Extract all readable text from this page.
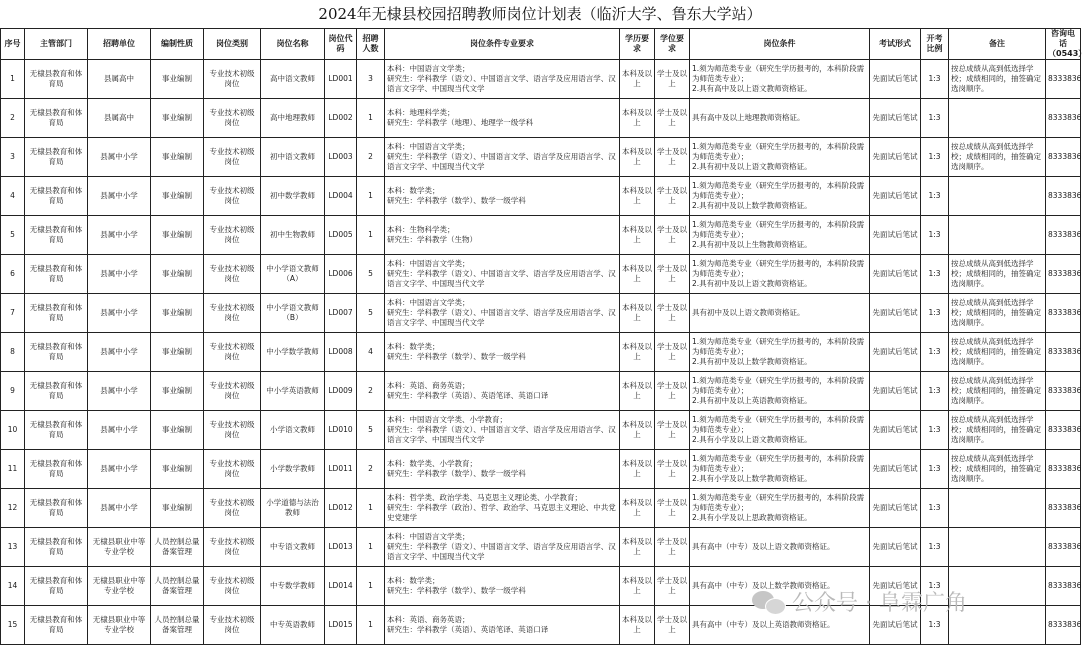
2024年无棣县校园招聘教师岗位计划表（临沂大学、鲁东大学站）
序号	主管部门	招聘单位	编制性质	岗位类别	岗位名称	岗位代码	招聘人数	岗位条件专业要求	学历要求	学位要求	岗位条件	考试形式	开考比例	备注	咨询电话（0543）
1	无棣县教育和体育局	县属高中	事业编制	专业技术初级岗位	高中语文教师	LD001	3	本科：中国语言文学类；
研究生：学科教学（语文）、中国语言文学、语言学及应用语言学、汉语言文字学、中国现当代文学	本科及以上	学士及以上	1.须为师范类专业（研究生学历报考的，本科阶段需为师范类专业）；
2.具有高中及以上语文教师资格证。	先面试后笔试	1:3	按总成绩从高到低选择学校；成绩相同的，抽签确定选岗顺序。	8333836
2	无棣县教育和体育局	县属高中	事业编制	专业技术初级岗位	高中地理教师	LD002	1	本科：地理科学类；
研究生：学科教学（地理）、地理学一级学科	本科及以上	学士及以上	具有高中及以上地理教师资格证。	先面试后笔试	1:3		8333836
3	无棣县教育和体育局	县属中小学	事业编制	专业技术初级岗位	初中语文教师	LD003	2	本科：中国语言文学类；
研究生：学科教学（语文）、中国语言文学、语言学及应用语言学、汉语言文字学、中国现当代文学	本科及以上	学士及以上	1.须为师范类专业（研究生学历报考的，本科阶段需为师范类专业）；
2.具有初中及以上语文教师资格证。	先面试后笔试	1:3	按总成绩从高到低选择学校；成绩相同的，抽签确定选岗顺序。	8333836
4	无棣县教育和体育局	县属中小学	事业编制	专业技术初级岗位	初中数学教师	LD004	1	本科：数学类；
研究生：学科教学（数学）、数学一级学科	本科及以上	学士及以上	1.须为师范类专业（研究生学历报考的，本科阶段需为师范类专业）；
2.具有初中及以上数学教师资格证。	先面试后笔试	1:3		8333836
5	无棣县教育和体育局	县属中小学	事业编制	专业技术初级岗位	初中生物教师	LD005	1	本科：生物科学类；
研究生：学科教学（生物）	本科及以上	学士及以上	1.须为师范类专业（研究生学历报考的，本科阶段需为师范类专业）；
2.具有初中及以上生物教师资格证。	先面试后笔试	1:3		8333836
6	无棣县教育和体育局	县属中小学	事业编制	专业技术初级岗位	中小学语文教师（A）	LD006	5	本科：中国语言文学类；
研究生：学科教学（语文）、中国语言文学、语言学及应用语言学、汉语言文字学、中国现当代文学	本科及以上	学士及以上	1.须为师范类专业（研究生学历报考的，本科阶段需为师范类专业）；
2.具有初中及以上语文教师资格证。	先面试后笔试	1:3	按总成绩从高到低选择学校；成绩相同的，抽签确定选岗顺序。	8333836
7	无棣县教育和体育局	县属中小学	事业编制	专业技术初级岗位	中小学语文教师（B）	LD007	5	本科：中国语言文学类；
研究生：学科教学（语文）、中国语言文学、语言学及应用语言学、汉语言文字学、中国现当代文学	本科及以上	学士及以上	具有初中及以上语文教师资格证。	先面试后笔试	1:3	按总成绩从高到低选择学校；成绩相同的，抽签确定选岗顺序。	8333836
8	无棣县教育和体育局	县属中小学	事业编制	专业技术初级岗位	中小学数学教师	LD008	4	本科：数学类；
研究生：学科教学（数学）、数学一级学科	本科及以上	学士及以上	1.须为师范类专业（研究生学历报考的，本科阶段需为师范类专业）；
2.具有初中及以上数学教师资格证。	先面试后笔试	1:3	按总成绩从高到低选择学校；成绩相同的，抽签确定选岗顺序。	8333836
9	无棣县教育和体育局	县属中小学	事业编制	专业技术初级岗位	中小学英语教师	LD009	2	本科：英语、商务英语；
研究生：学科教学（英语）、英语笔译、英语口译	本科及以上	学士及以上	1.须为师范类专业（研究生学历报考的，本科阶段需为师范类专业）；
2.具有初中及以上英语教师资格证。	先面试后笔试	1:3	按总成绩从高到低选择学校；成绩相同的，抽签确定选岗顺序。	8333836
10	无棣县教育和体育局	县属中小学	事业编制	专业技术初级岗位	小学语文教师	LD010	5	本科：中国语言文学类、小学教育；
研究生：学科教学（语文）、中国语言文学、语言学及应用语言学、汉语言文字学、中国现当代文学	本科及以上	学士及以上	1.须为师范类专业（研究生学历报考的，本科阶段需为师范类专业）；
2.具有小学及以上语文教师资格证。	先面试后笔试	1:3	按总成绩从高到低选择学校；成绩相同的，抽签确定选岗顺序。	8333836
11	无棣县教育和体育局	县属中小学	事业编制	专业技术初级岗位	小学数学教师	LD011	2	本科：数学类、小学教育；
研究生：学科教学（数学）、数学一级学科	本科及以上	学士及以上	1.须为师范类专业（研究生学历报考的，本科阶段需为师范类专业）；
2.具有小学及以上数学教师资格证。	先面试后笔试	1:3	按总成绩从高到低选择学校；成绩相同的，抽签确定选岗顺序。	8333836
12	无棣县教育和体育局	县属中小学	事业编制	专业技术初级岗位	小学道德与法治教师	LD012	1	本科：哲学类、政治学类、马克思主义理论类、小学教育；
研究生：学科教学（政治）、哲学、政治学、马克思主义理论、中共党史党建学	本科及以上	学士及以上	1.须为师范类专业（研究生学历报考的，本科阶段需为师范类专业）；
2.具有小学及以上思政教师资格证。	先面试后笔试	1:3		8333836
13	无棣县教育和体育局	无棣县职业中等专业学校	人员控制总量备案管理	专业技术初级岗位	中专语文教师	LD013	1	本科：中国语言文学类；
研究生：学科教学（语文）、中国语言文学、语言学及应用语言学、汉语言文字学、中国现当代文学	本科及以上	学士及以上	具有高中（中专）及以上语文教师资格证。	先面试后笔试	1:3		8333836
14	无棣县教育和体育局	无棣县职业中等专业学校	人员控制总量备案管理	专业技术初级岗位	中专数学教师	LD014	1	本科：数学类；
研究生：学科教学（数学）、数学一级学科	本科及以上	学士及以上	具有高中（中专）及以上数学教师资格证。	先面试后笔试	1:3		8333836
15	无棣县教育和体育局	无棣县职业中等专业学校	人员控制总量备案管理	专业技术初级岗位	中专英语教师	LD015	1	本科：英语、商务英语；
研究生：学科教学（英语）、英语笔译、英语口译	本科及以上	学士及以上	具有高中（中专）及以上英语教师资格证。	先面试后笔试	1:3		8333836
公众号 · 阜霖广角
